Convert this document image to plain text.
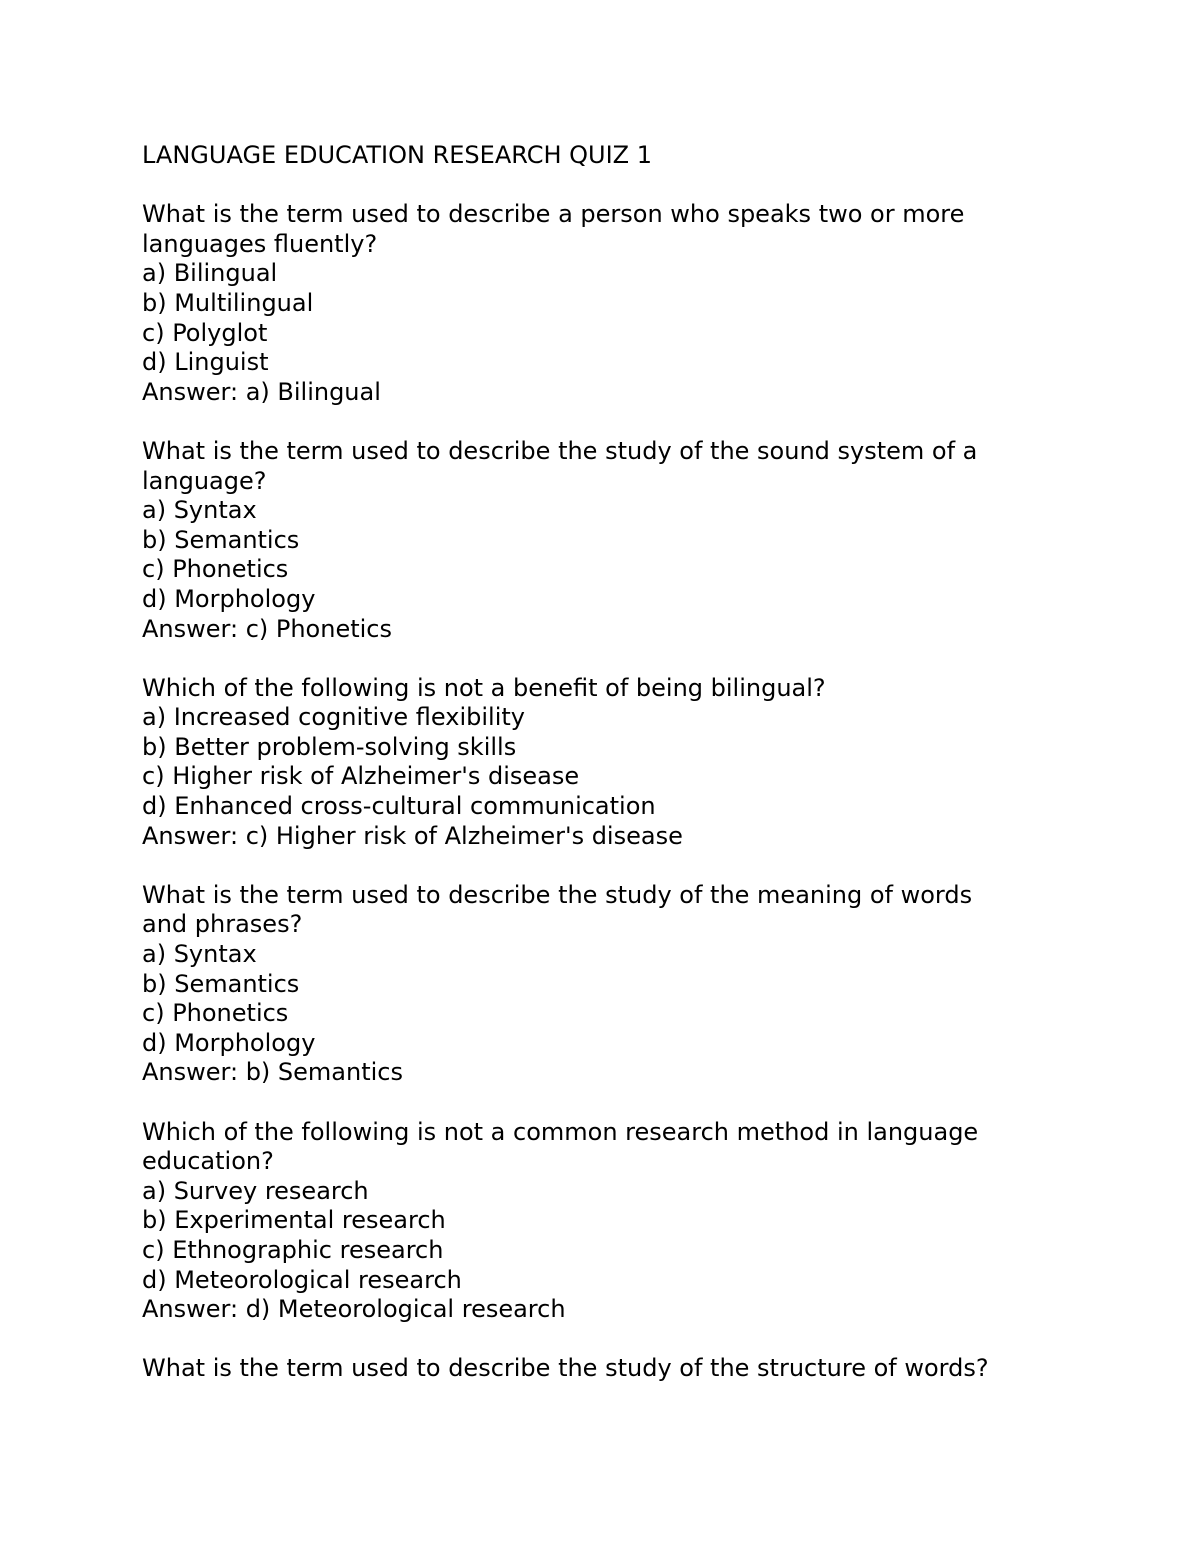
LANGUAGE EDUCATION RESEARCH QUIZ 1
What is the term used to describe a person who speaks two or more
languages fluently?
a) Bilingual
b) Multilingual
c) Polyglot
d) Linguist
Answer: a) Bilingual
What is the term used to describe the study of the sound system of a
language?
a) Syntax
b) Semantics
c) Phonetics
d) Morphology
Answer: c) Phonetics
Which of the following is not a benefit of being bilingual?
a) Increased cognitive flexibility
b) Better problem-solving skills
c) Higher risk of Alzheimer's disease
d) Enhanced cross-cultural communication
Answer: c) Higher risk of Alzheimer's disease
What is the term used to describe the study of the meaning of words
and phrases?
a) Syntax
b) Semantics
c) Phonetics
d) Morphology
Answer: b) Semantics
Which of the following is not a common research method in language
education?
a) Survey research
b) Experimental research
c) Ethnographic research
d) Meteorological research
Answer: d) Meteorological research
What is the term used to describe the study of the structure of words?
